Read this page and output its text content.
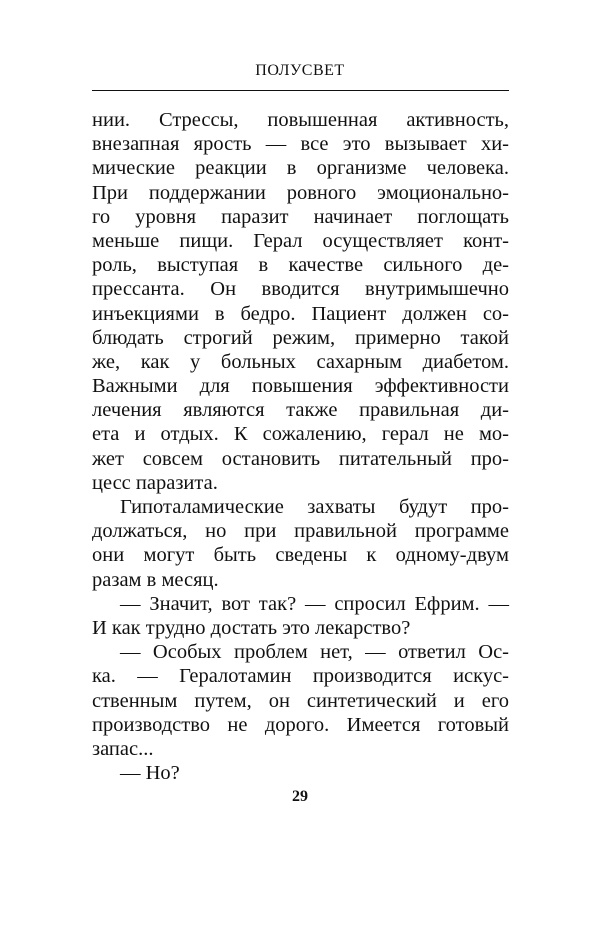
ПОЛУСВЕТ
нии. Стрессы, повышенная активность,
внезапная ярость — все это вызывает хи-
мические реакции в организме человека.
При поддержании ровного эмоционально-
го уровня паразит начинает поглощать
меньше пищи. Герал осуществляет конт-
роль, выступая в качестве сильного де-
прессанта. Он вводится внутримышечно
инъекциями в бедро. Пациент должен со-
блюдать строгий режим, примерно такой
же, как у больных сахарным диабетом.
Важными для повышения эффективности
лечения являются также правильная ди-
ета и отдых. К сожалению, герал не мо-
жет совсем остановить питательный про-
цесс паразита.
Гипоталамические захваты будут про-
должаться, но при правильной программе
они могут быть сведены к одному-двум
разам в месяц.
— Значит, вот так? — спросил Ефрим. —
И как трудно достать это лекарство?
— Особых проблем нет, — ответил Ос-
ка. — Гералотамин производится искус-
ственным путем, он синтетический и его
производство не дорого. Имеется готовый
запас...
— Но?
29
